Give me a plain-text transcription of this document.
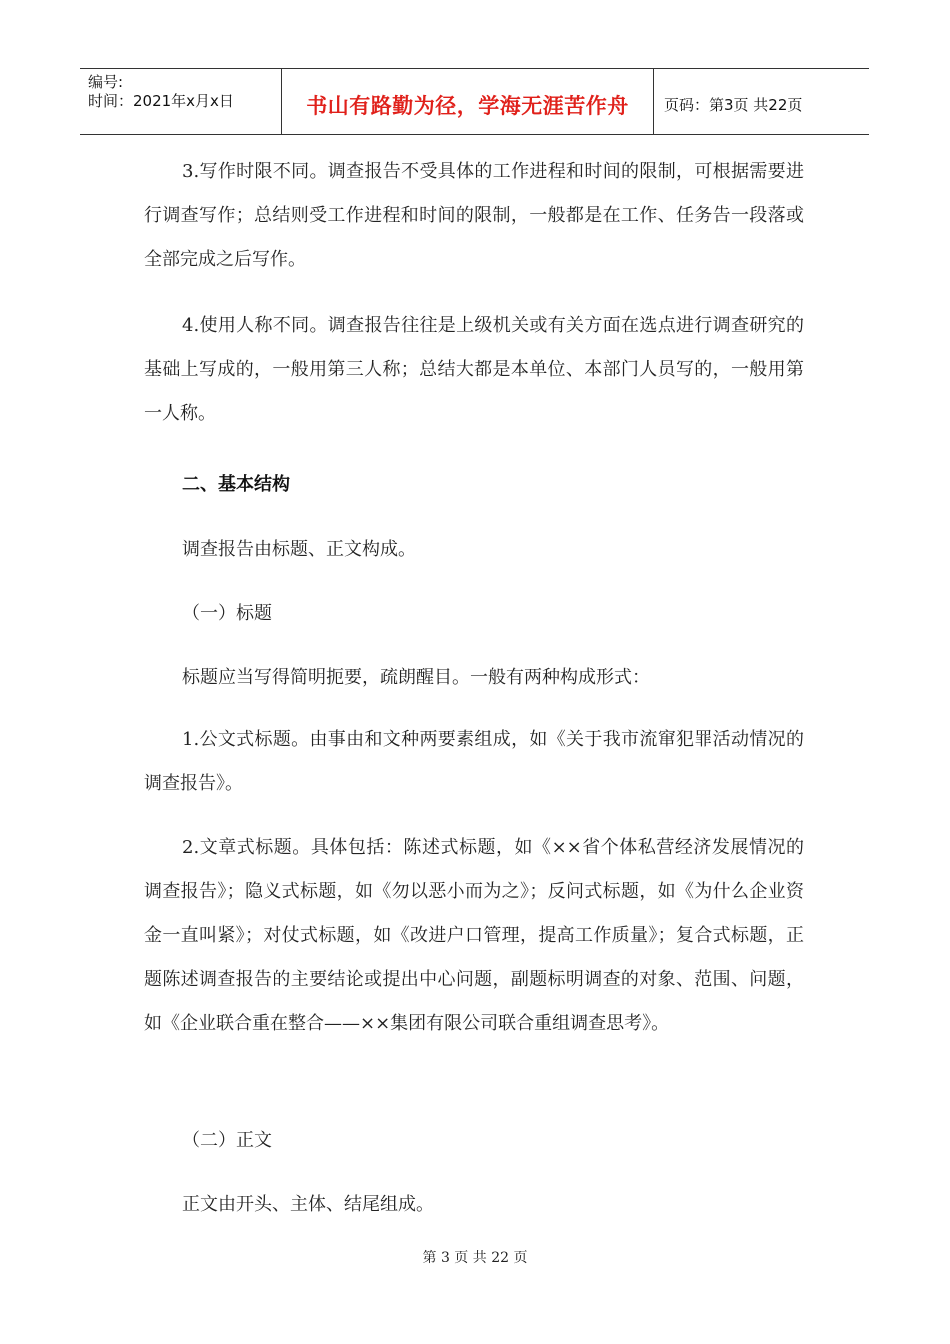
编号:
时间：2021年x月x日	书山有路勤为径，学海无涯苦作舟 页码：第3页 共22页

3.写作时限不同。调查报告不受具体的工作进程和时间的限制，可根据需要进行调查写作；总结则受工作进程和时间的限制，一般都是在工作、任务告一段落或全部完成之后写作。

4.使用人称不同。调查报告往往是上级机关或有关方面在选点进行调查研究的基础上写成的，一般用第三人称；总结大都是本单位、本部门人员写的，一般用第一人称。

二、基本结构

调查报告由标题、正文构成。

（一）标题

标题应当写得简明扼要，疏朗醒目。一般有两种构成形式：

1.公文式标题。由事由和文种两要素组成，如《关于我市流窜犯罪活动情况的调查报告》。

2.文章式标题。具体包括：陈述式标题，如《××省个体私营经济发展情况的调查报告》；隐义式标题，如《勿以恶小而为之》；反问式标题，如《为什么企业资金一直叫紧》；对仗式标题，如《改进户口管理，提高工作质量》；复合式标题，正题陈述调查报告的主要结论或提出中心问题，副题标明调查的对象、范围、问题，如《企业联合重在整合——××集团有限公司联合重组调查思考》。

（二）正文

正文由开头、主体、结尾组成。

第 3 页 共 22 页
